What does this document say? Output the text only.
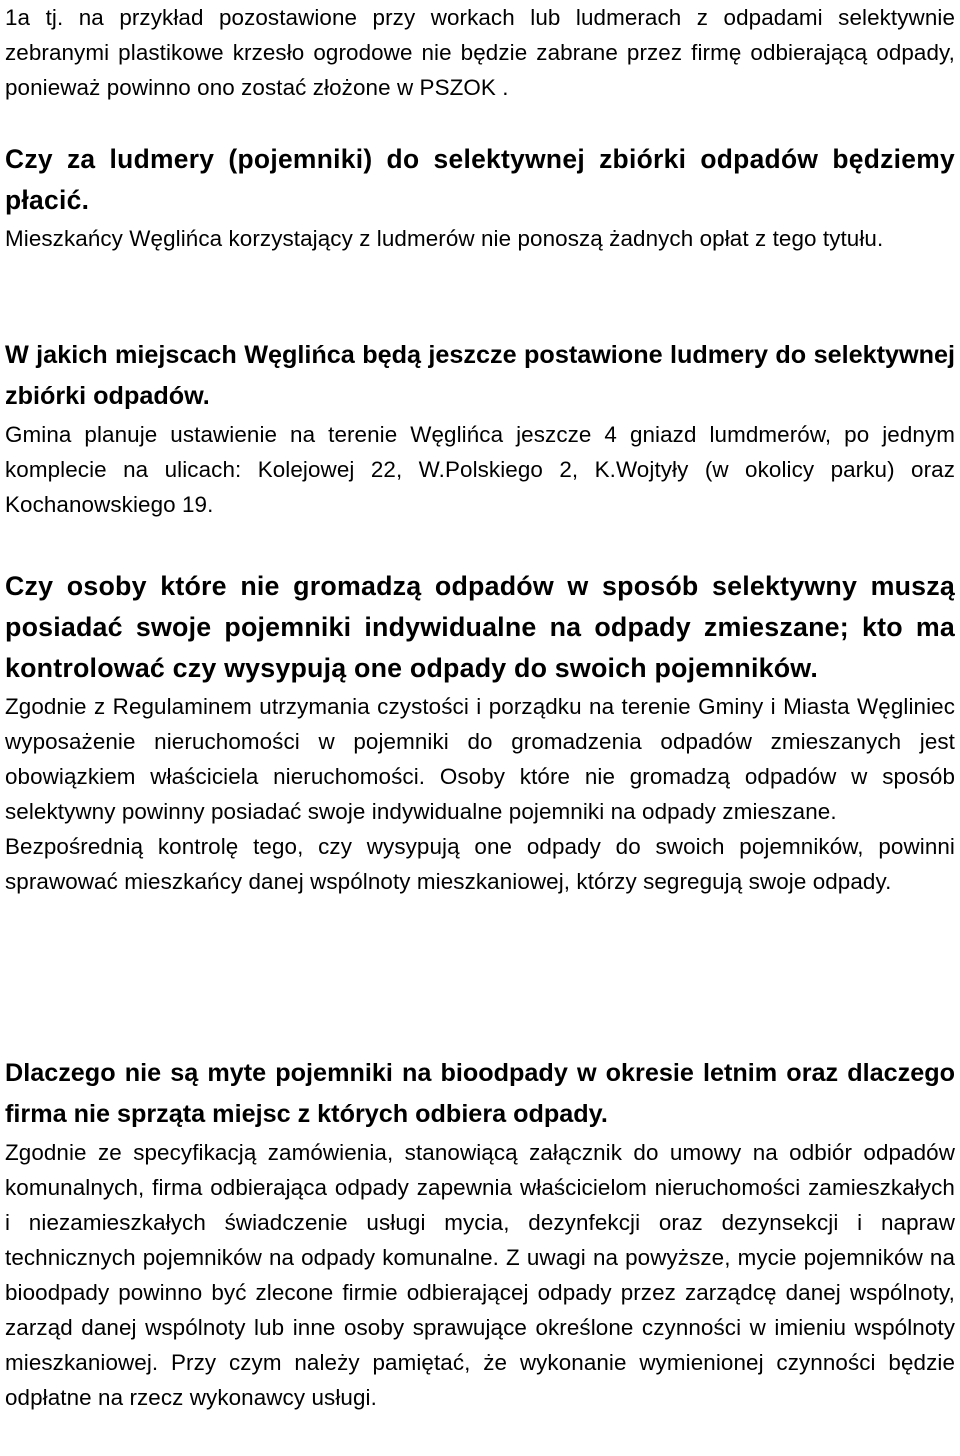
1a tj. na przykład pozostawione przy workach lub ludmerach z odpadami selektywnie zebranymi plastikowe krzesło ogrodowe nie będzie zabrane przez firmę odbierającą odpady, ponieważ powinno ono zostać złożone w PSZOK .

Czy za ludmery (pojemniki) do selektywnej zbiórki odpadów będziemy płacić.

Mieszkańcy Węglińca korzystający z ludmerów nie ponoszą żadnych opłat z tego tytułu.

W jakich miejscach Węglińca będą jeszcze postawione ludmery do selektywnej zbiórki odpadów.

Gmina planuje ustawienie na terenie Węglińca jeszcze 4 gniazd lumdmerów, po jednym komplecie na ulicach: Kolejowej 22, W.Polskiego 2, K.Wojtyły (w okolicy parku) oraz Kochanowskiego 19.

Czy osoby które nie gromadzą odpadów w sposób selektywny muszą posiadać swoje pojemniki indywidualne na odpady zmieszane; kto ma kontrolować czy wysypują one odpady do swoich pojemników.

Zgodnie z Regulaminem utrzymania czystości i porządku na terenie Gminy i Miasta Węgliniec wyposażenie nieruchomości w pojemniki do gromadzenia odpadów zmieszanych jest obowiązkiem właściciela nieruchomości. Osoby które nie gromadzą odpadów w sposób selektywny powinny posiadać swoje indywidualne pojemniki na odpady zmieszane.

Bezpośrednią kontrolę tego, czy wysypują one odpady do swoich pojemników, powinni sprawować mieszkańcy danej wspólnoty mieszkaniowej, którzy segregują swoje odpady.

Dlaczego nie są myte pojemniki na bioodpady w okresie letnim oraz dlaczego firma nie sprząta miejsc z których odbiera odpady.

Zgodnie ze specyfikacją zamówienia, stanowiącą załącznik do umowy na odbiór odpadów komunalnych, firma odbierająca odpady zapewnia właścicielom nieruchomości zamieszkałych i niezamieszkałych świadczenie usługi mycia, dezynfekcji oraz dezynsekcji i napraw technicznych pojemników na odpady komunalne. Z uwagi na powyższe, mycie pojemników na bioodpady powinno być zlecone firmie odbierającej odpady przez zarządcę danej wspólnoty, zarząd danej wspólnoty lub inne osoby sprawujące określone czynności w imieniu wspólnoty mieszkaniowej. Przy czym należy pamiętać, że wykonanie wymienionej czynności będzie odpłatne na rzecz wykonawcy usługi.
